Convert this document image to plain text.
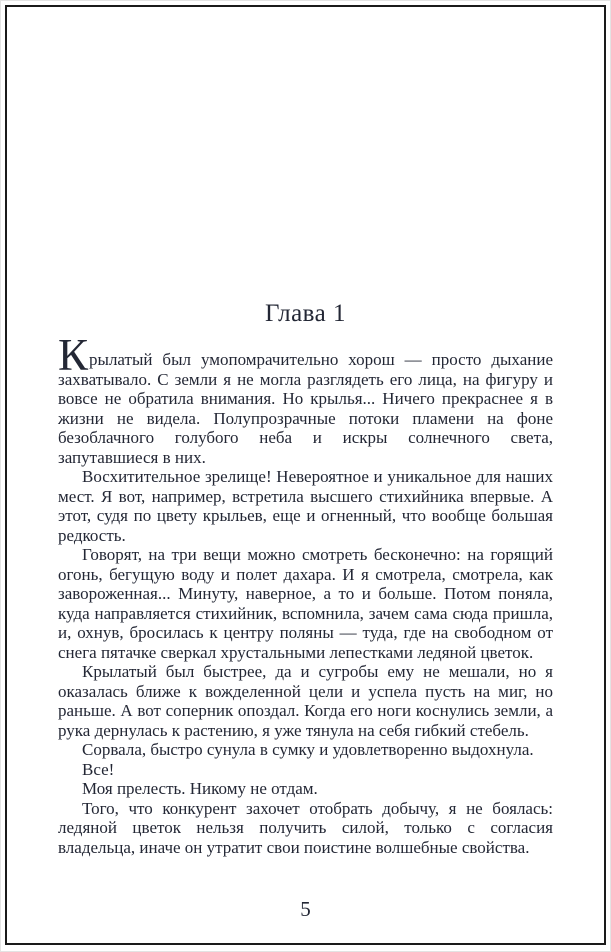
Глава 1

Крылатый был умопомрачительно хорош — просто дыхание захватывало. С земли я не могла разглядеть его лица, на фигуру и вовсе не обратила внимания. Но крылья... Ничего прекраснее я в жизни не видела. Полупрозрачные потоки пламени на фоне безоблачного голубого неба и искры солнечного света, запутавшиеся в них.

Восхитительное зрелище! Невероятное и уникальное для наших мест. Я вот, например, встретила высшего стихийника впервые. А этот, судя по цвету крыльев, еще и огненный, что вообще большая редкость.

Говорят, на три вещи можно смотреть бесконечно: на горящий огонь, бегущую воду и полет дахара. И я смотрела, смотрела, как завороженная... Минуту, наверное, а то и больше. Потом поняла, куда направляется стихийник, вспомнила, зачем сама сюда пришла, и, охнув, бросилась к центру поляны — туда, где на свободном от снега пятачке сверкал хрустальными лепестками ледяной цветок.

Крылатый был быстрее, да и сугробы ему не мешали, но я оказалась ближе к вожделенной цели и успела пусть на миг, но раньше. А вот соперник опоздал. Когда его ноги коснулись земли, а рука дернулась к растению, я уже тянула на себя гибкий стебель.

Сорвала, быстро сунула в сумку и удовлетворенно выдохнула.

Все!

Моя прелесть. Никому не отдам.

Того, что конкурент захочет отобрать добычу, я не боялась: ледяной цветок нельзя получить силой, только с согласия владельца, иначе он утратит свои поистине волшебные свойства.

5
